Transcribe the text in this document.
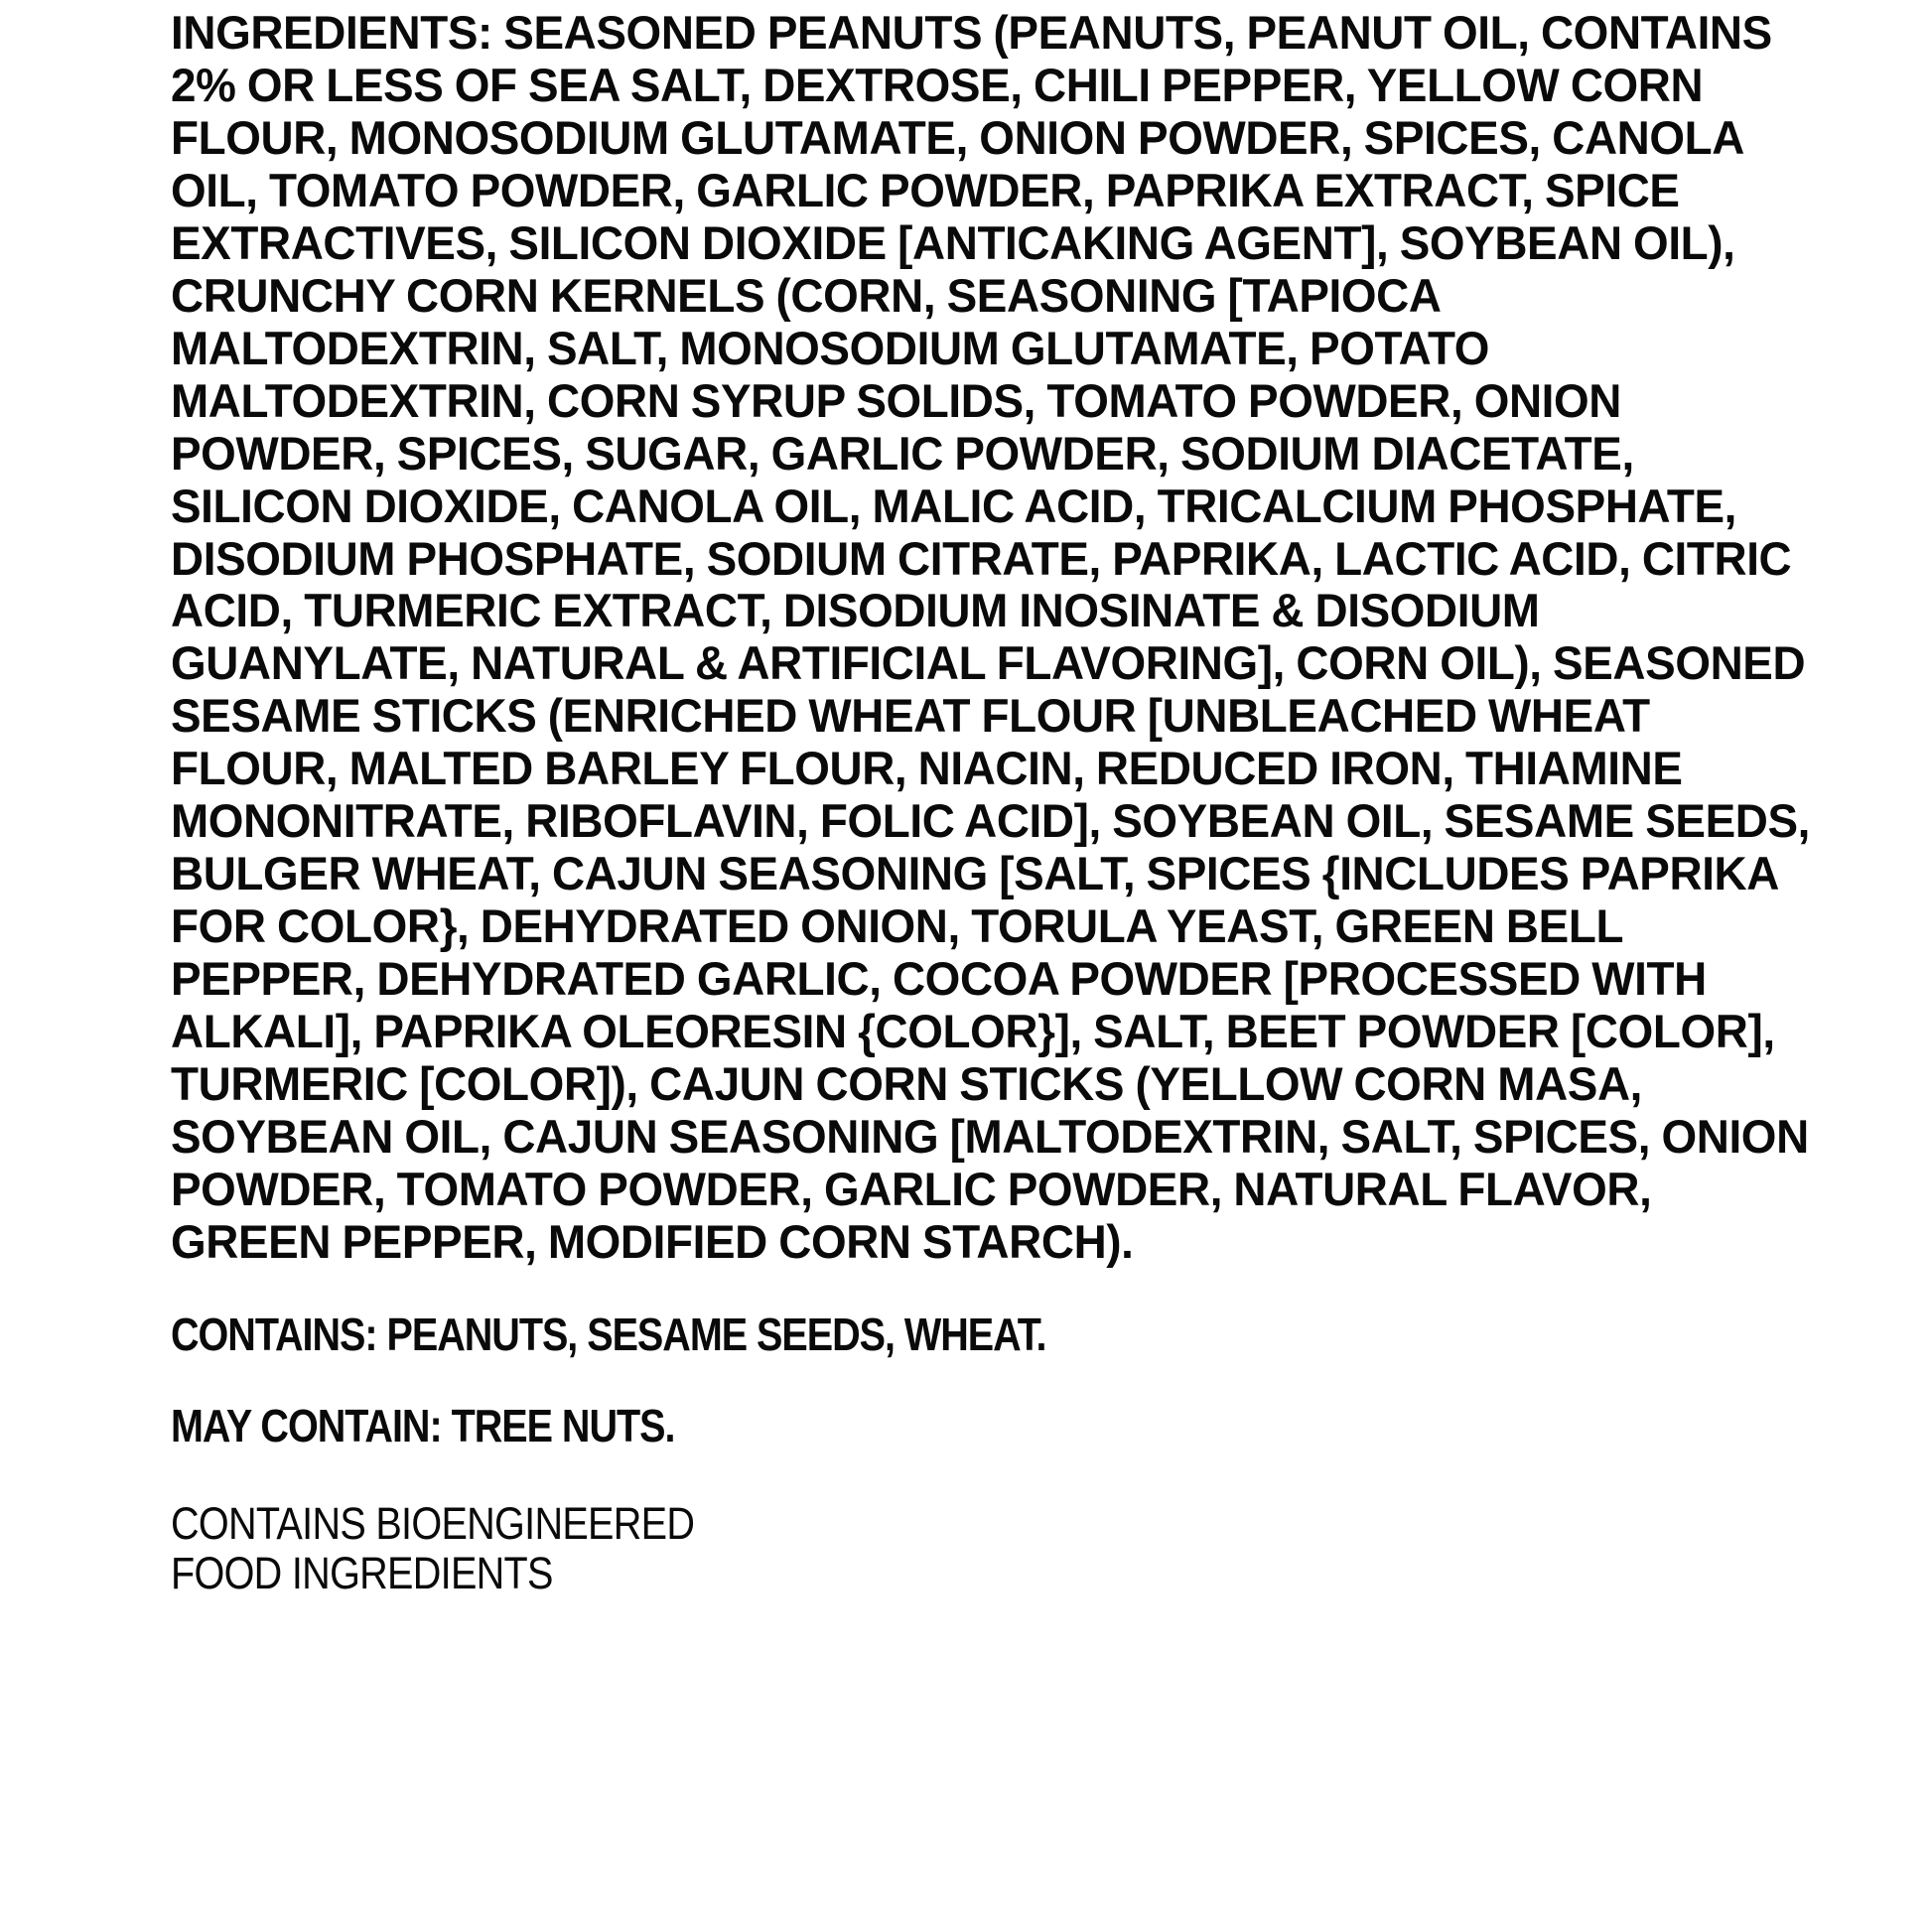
INGREDIENTS: SEASONED PEANUTS (PEANUTS, PEANUT OIL, CONTAINS 2% OR LESS OF SEA SALT, DEXTROSE, CHILI PEPPER, YELLOW CORN FLOUR, MONOSODIUM GLUTAMATE, ONION POWDER, SPICES, CANOLA OIL, TOMATO POWDER, GARLIC POWDER, PAPRIKA EXTRACT, SPICE EXTRACTIVES, SILICON DIOXIDE [ANTICAKING AGENT], SOYBEAN OIL), CRUNCHY CORN KERNELS (CORN, SEASONING [TAPIOCA MALTODEXTRIN, SALT, MONOSODIUM GLUTAMATE, POTATO MALTODEXTRIN, CORN SYRUP SOLIDS, TOMATO POWDER, ONION POWDER, SPICES, SUGAR, GARLIC POWDER, SODIUM DIACETATE, SILICON DIOXIDE, CANOLA OIL, MALIC ACID, TRICALCIUM PHOSPHATE, DISODIUM PHOSPHATE, SODIUM CITRATE, PAPRIKA, LACTIC ACID, CITRIC ACID, TURMERIC EXTRACT, DISODIUM INOSINATE & DISODIUM GUANYLATE, NATURAL & ARTIFICIAL FLAVORING], CORN OIL), SEASONED SESAME STICKS (ENRICHED WHEAT FLOUR [UNBLEACHED WHEAT FLOUR, MALTED BARLEY FLOUR, NIACIN, REDUCED IRON, THIAMINE MONONITRATE, RIBOFLAVIN, FOLIC ACID], SOYBEAN OIL, SESAME SEEDS, BULGER WHEAT, CAJUN SEASONING [SALT, SPICES {INCLUDES PAPRIKA FOR COLOR}, DEHYDRATED ONION, TORULA YEAST, GREEN BELL PEPPER, DEHYDRATED GARLIC, COCOA POWDER [PROCESSED WITH ALKALI], PAPRIKA OLEORESIN {COLOR}], SALT, BEET POWDER [COLOR], TURMERIC [COLOR]), CAJUN CORN STICKS (YELLOW CORN MASA, SOYBEAN OIL, CAJUN SEASONING [MALTODEXTRIN, SALT, SPICES, ONION POWDER, TOMATO POWDER, GARLIC POWDER, NATURAL FLAVOR, GREEN PEPPER, MODIFIED CORN STARCH).

CONTAINS: PEANUTS, SESAME SEEDS, WHEAT.

MAY CONTAIN: TREE NUTS.

CONTAINS BIOENGINEERED

FOOD INGREDIENTS
